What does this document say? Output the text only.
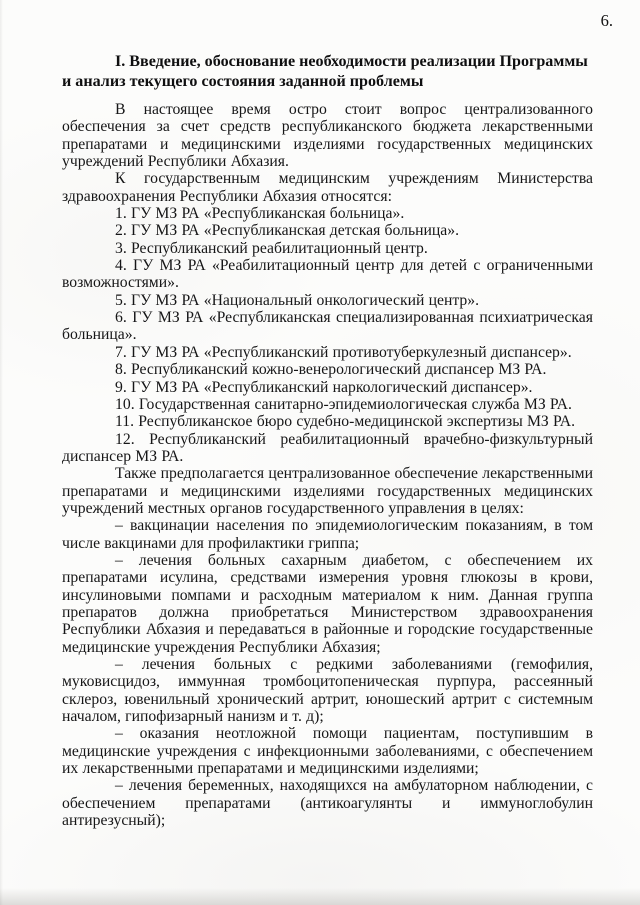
6.
I. Введение, обоснование необходимости реализации Программы
и анализ текущего состояния заданной проблемы

В настоящее время остро стоит вопрос централизованного обеспечения за счет средств республиканского бюджета лекарственными препаратами и медицинскими изделиями государственных медицинских учреждений Республики Абхазия.

К государственным медицинским учреждениям Министерства здравоохранения Республики Абхазия относятся:

1. ГУ МЗ РА «Республиканская больница».

2. ГУ МЗ РА «Республиканская детская больница».

3. Республиканский реабилитационный центр.

4. ГУ МЗ РА «Реабилитационный центр для детей с ограниченными возможностями».

5. ГУ МЗ РА «Национальный онкологический центр».

6. ГУ МЗ РА «Республиканская специализированная психиатрическая больница».

7. ГУ МЗ РА «Республиканский противотуберкулезный диспансер».

8. Республиканский кожно-венерологический диспансер МЗ РА.

9. ГУ МЗ РА «Республиканский наркологический диспансер».

10. Государственная санитарно-эпидемиологическая служба МЗ РА.

11. Республиканское бюро судебно-медицинской экспертизы МЗ РА.

12. Республиканский реабилитационный врачебно-физкультурный диспансер МЗ РА.

Также предполагается централизованное обеспечение лекарственными препаратами и медицинскими изделиями государственных медицинских учреждений местных органов государственного управления в целях:

– вакцинации населения по эпидемиологическим показаниям, в том числе вакцинами для профилактики гриппа;

– лечения больных сахарным диабетом, с обеспечением их препаратами исулина, средствами измерения уровня глюкозы в крови, инсулиновыми помпами и расходным материалом к ним. Данная группа препаратов должна приобретаться Министерством здравоохранения Республики Абхазия и передаваться в районные и городские государственные медицинские учреждения Республики Абхазия;

– лечения больных с редкими заболеваниями (гемофилия, муковисцидоз, иммунная тромбоцитопеническая пурпура, рассеянный склероз, ювенильный хронический артрит, юношеский артрит с системным началом, гипофизарный нанизм и т. д);

– оказания неотложной помощи пациентам, поступившим в медицинские учреждения с инфекционными заболеваниями, с обеспечением их лекарственными препаратами и медицинскими изделиями;

– лечения беременных, находящихся на амбулаторном наблюдении, с обеспечением препаратами (антикоагулянты и иммуноглобулин антирезусный);
